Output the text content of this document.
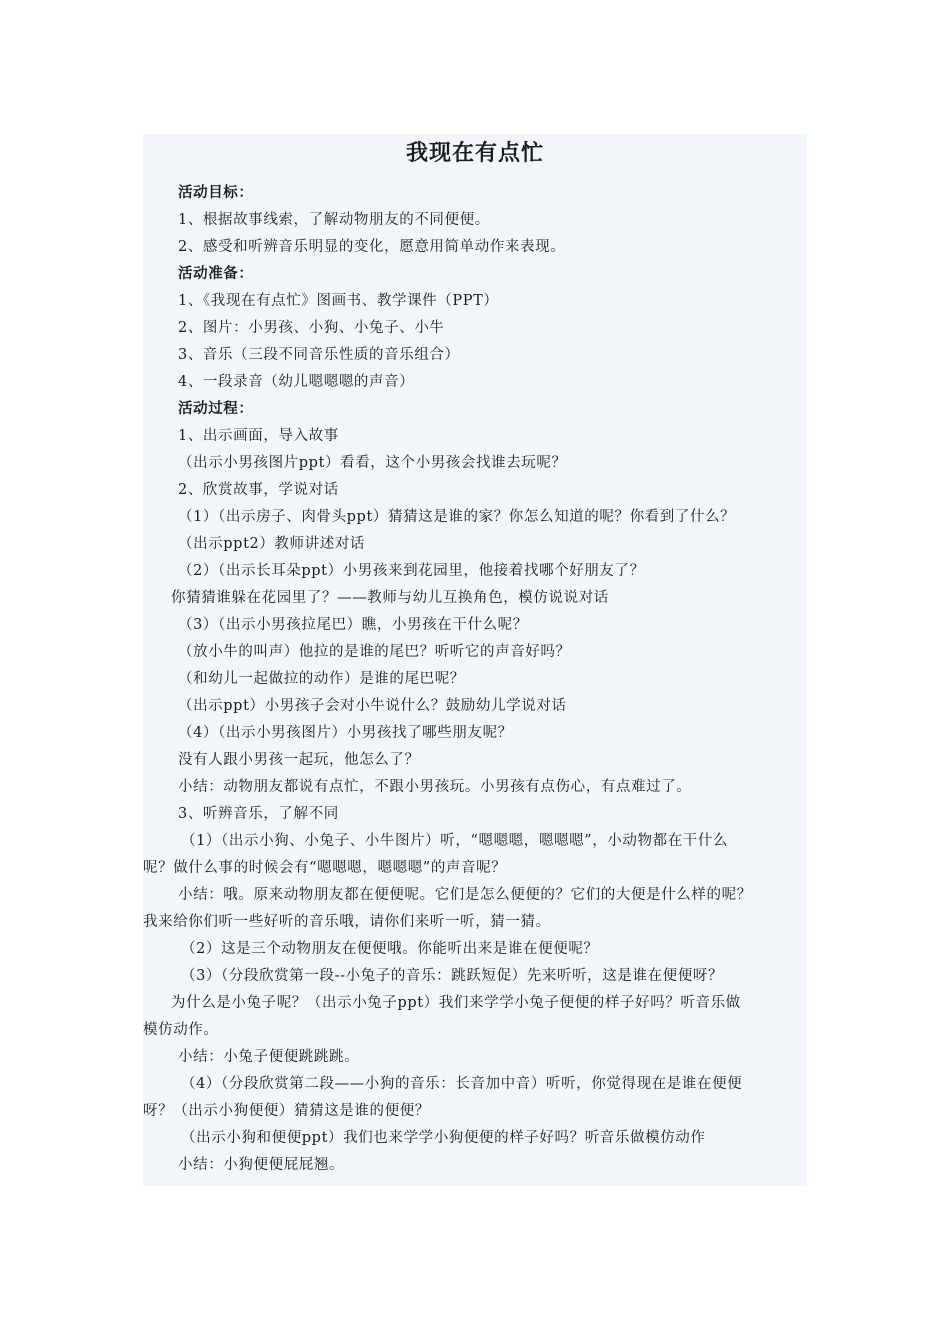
我现在有点忙
活动目标：
1、根据故事线索，了解动物朋友的不同便便。
2、感受和听辨音乐明显的变化，愿意用简单动作来表现。
活动准备：
1、《我现在有点忙》图画书、教学课件（PPT）
2、图片：小男孩、小狗、小兔子、小牛
3、音乐（三段不同音乐性质的音乐组合）
4、一段录音（幼儿嗯嗯嗯的声音）
活动过程：
1、出示画面，导入故事
（出示小男孩图片ppt）看看，这个小男孩会找谁去玩呢？
2、欣赏故事，学说对话
（1）（出示房子、肉骨头ppt）猜猜这是谁的家？你怎么知道的呢？你看到了什么？
（出示ppt2）教师讲述对话
（2）（出示长耳朵ppt）小男孩来到花园里，他接着找哪个好朋友了？
你猜猜谁躲在花园里了？——教师与幼儿互换角色，模仿说说对话
（3）（出示小男孩拉尾巴）瞧，小男孩在干什么呢？
（放小牛的叫声）他拉的是谁的尾巴？听听它的声音好吗？
（和幼儿一起做拉的动作）是谁的尾巴呢？
（出示ppt）小男孩子会对小牛说什么？鼓励幼儿学说对话
（4）（出示小男孩图片）小男孩找了哪些朋友呢？
没有人跟小男孩一起玩，他怎么了？
小结：动物朋友都说有点忙，不跟小男孩玩。小男孩有点伤心，有点难过了。
3、听辨音乐，了解不同
（1）（出示小狗、小兔子、小牛图片）听，“嗯嗯嗯，嗯嗯嗯”，小动物都在干什么
呢？做什么事的时候会有“嗯嗯嗯，嗯嗯嗯”的声音呢？
小结：哦。原来动物朋友都在便便呢。它们是怎么便便的？它们的大便是什么样的呢？
我来给你们听一些好听的音乐哦，请你们来听一听，猜一猜。
（2）这是三个动物朋友在便便哦。你能听出来是谁在便便呢？
（3）（分段欣赏第一段--小兔子的音乐：跳跃短促）先来听听，这是谁在便便呀？
为什么是小兔子呢？（出示小兔子ppt）我们来学学小兔子便便的样子好吗？听音乐做
模仿动作。
小结：小兔子便便跳跳跳。
（4）（分段欣赏第二段——小狗的音乐：长音加中音）听听，你觉得现在是谁在便便
呀？（出示小狗便便）猜猜这是谁的便便？
（出示小狗和便便ppt）我们也来学学小狗便便的样子好吗？听音乐做模仿动作
小结：小狗便便屁屁翘。
